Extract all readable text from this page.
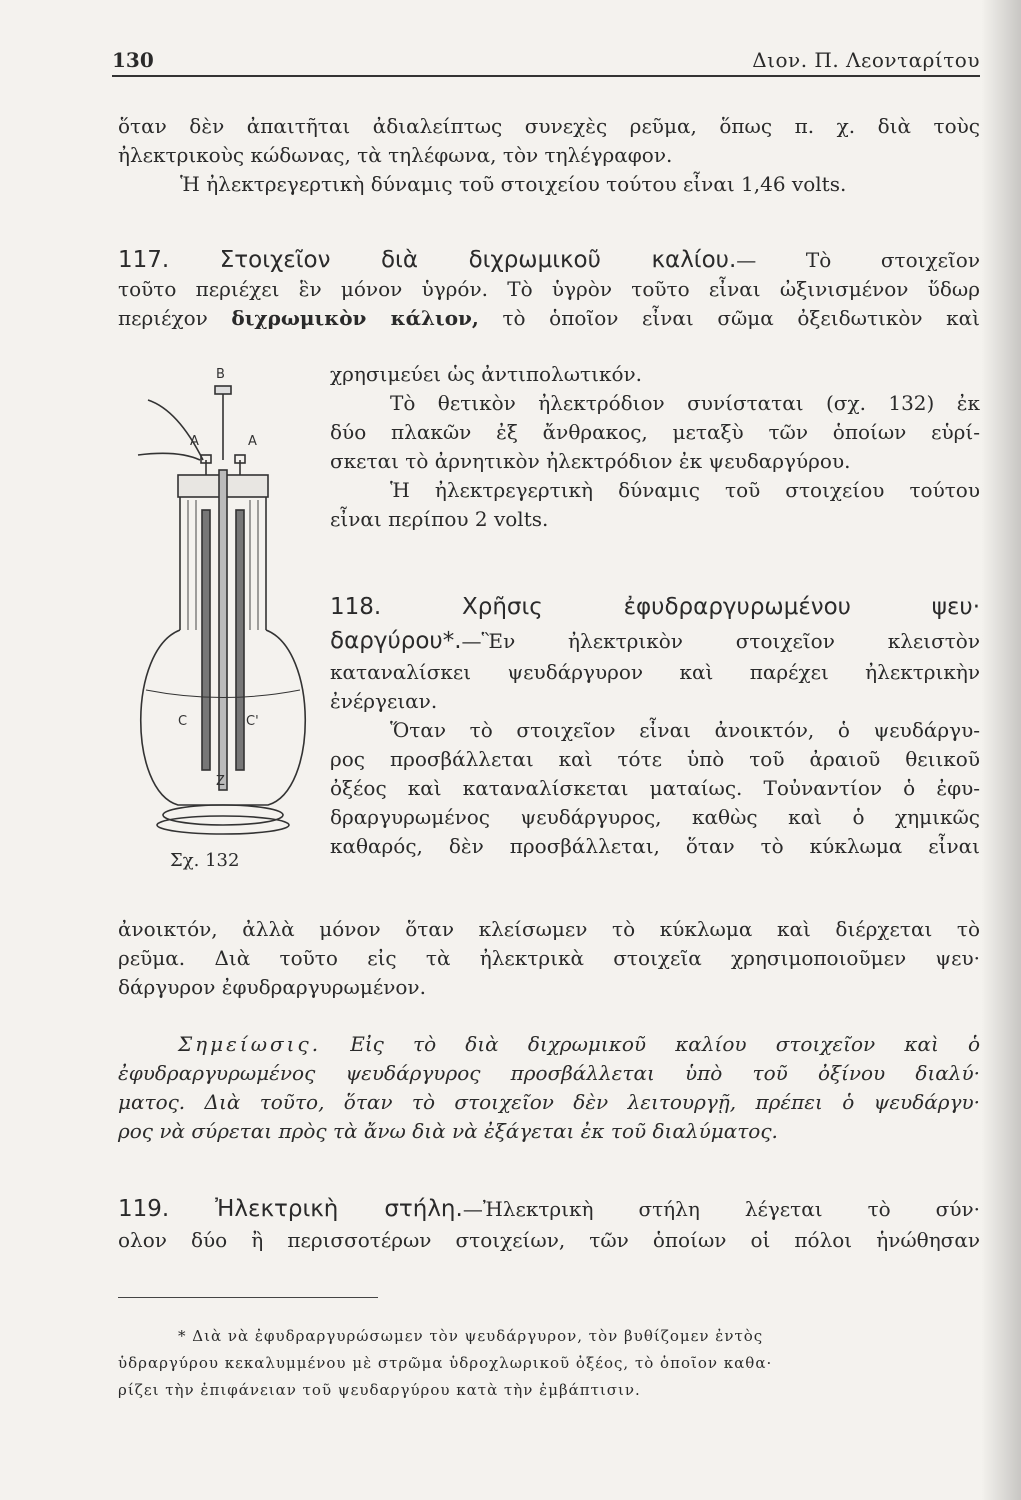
130	Διον. Π. Λεονταρίτου
ὅταν δὲν ἀπαιτῆται ἀδιαλείπτως συνεχὲς ρεῦμα, ὅπως π. χ. διὰ τοὺς
ἠλεκτρικοὺς κώδωνας, τὰ τηλέφωνα, τὸν τηλέγραφον.
Ἡ ἠλεκτρεγερτικὴ δύναμις τοῦ στοιχείου τούτου εἶναι 1,46 volts.
117. Στοιχεῖον διὰ διχρωμικοῦ καλίου.— Τὸ στοιχεῖον
τοῦτο περιέχει ἓν μόνον ὑγρόν. Τὸ ὑγρὸν τοῦτο εἶναι ὠξινισμένον ὕδωρ
περιέχον διχρωμικὸν κάλιον, τὸ ὁποῖον εἶναι σῶμα ὀξειδωτικὸν καὶ
χρησιμεύει ὡς ἀντιπολωτικόν.
Τὸ θετικὸν ἠλεκτρόδιον συνίσταται (σχ. 132) ἐκ
δύο πλακῶν ἐξ ἄνθρακος, μεταξὺ τῶν ὁποίων εὑρί-
σκεται τὸ ἀρνητικὸν ἠλεκτρόδιον ἐκ ψευδαργύρου.
Ἡ ἠλεκτρεγερτικὴ δύναμις τοῦ στοιχείου τούτου
εἶναι περίπου 2 volts.
B
A	A
C	C'
Z
Σχ. 132
118. Χρῆσις ἐφυδραργυρωμένου ψευ·
δαργύρου*.—Ἓν ἠλεκτρικὸν στοιχεῖον κλειστὸν
καταναλίσκει ψευδάργυρον καὶ παρέχει ἠλεκτρικὴν
ἐνέργειαν.
Ὅταν τὸ στοιχεῖον εἶναι ἀνοικτόν, ὁ ψευδάργυ-
ρος προσβάλλεται καὶ τότε ὑπὸ τοῦ ἀραιοῦ θειικοῦ
ὀξέος καὶ καταναλίσκεται ματαίως. Τοὐναντίον ὁ ἐφυ-
δραργυρωμένος ψευδάργυρος, καθὼς καὶ ὁ χημικῶς
καθαρός, δὲν προσβάλλεται, ὅταν τὸ κύκλωμα εἶναι
ἀνοικτόν, ἀλλὰ μόνον ὅταν κλείσωμεν τὸ κύκλωμα καὶ διέρχεται τὸ
ρεῦμα. Διὰ τοῦτο εἰς τὰ ἠλεκτρικὰ στοιχεῖα χρησιμοποιοῦμεν ψευ·
δάργυρον ἐφυδραργυρωμένον.
Σημείωσις. Εἰς τὸ διὰ διχρωμικοῦ καλίου στοιχεῖον καὶ ὁ
ἐφυδραργυρωμένος ψευδάργυρος προσβάλλεται ὑπὸ τοῦ ὀξίνου διαλύ·
ματος. Διὰ τοῦτο, ὅταν τὸ στοιχεῖον δὲν λειτουργῇ, πρέπει ὁ ψευδάργυ·
ρος νὰ σύρεται πρὸς τὰ ἄνω διὰ νὰ ἐξάγεται ἐκ τοῦ διαλύματος.
119. Ἠλεκτρικὴ στήλη.—Ἠλεκτρικὴ στήλη λέγεται τὸ σύν·
ολον δύο ἢ περισσοτέρων στοιχείων, τῶν ὁποίων οἱ πόλοι ἡνώθησαν
* Διὰ νὰ ἐφυδραργυρώσωμεν τὸν ψευδάργυρον, τὸν βυθίζομεν ἐντὸς
ὑδραργύρου κεκαλυμμένου μὲ στρῶμα ὑδροχλωρικοῦ ὀξέος, τὸ ὁποῖον καθα·
ρίζει τὴν ἐπιφάνειαν τοῦ ψευδαργύρου κατὰ τὴν ἐμβάπτισιν.
